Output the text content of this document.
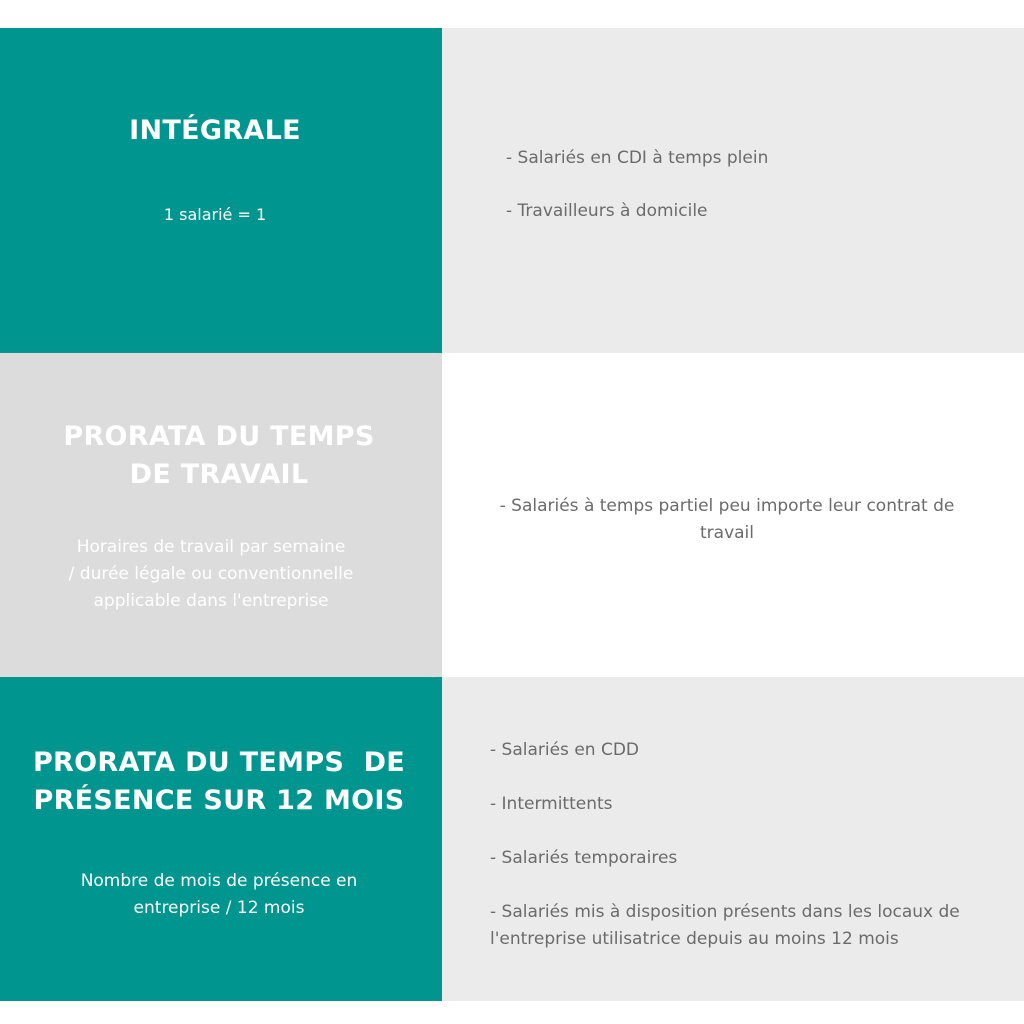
INTÉGRALE
1 salarié = 1
- Salariés en CDI à temps plein
- Travailleurs à domicile
PRORATA DU TEMPS
DE TRAVAIL
Horaires de travail par semaine
/ durée légale ou conventionnelle
applicable dans l'entreprise
- Salariés à temps partiel peu importe leur contrat de
travail
PRORATA DU TEMPS  DE
PRÉSENCE SUR 12 MOIS
Nombre de mois de présence en
entreprise / 12 mois
- Salariés en CDD
- Intermittents
- Salariés temporaires
- Salariés mis à disposition présents dans les locaux de
l'entreprise utilisatrice depuis au moins 12 mois
